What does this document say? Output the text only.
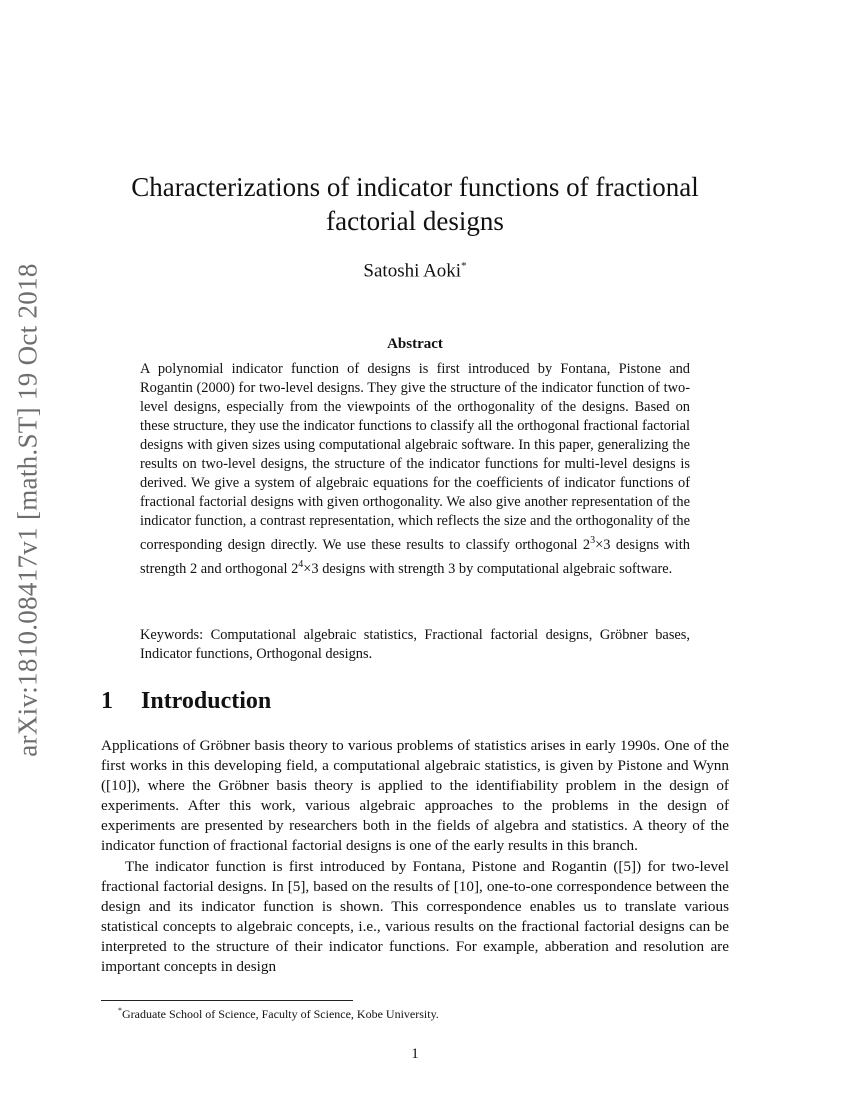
arXiv:1810.08417v1 [math.ST] 19 Oct 2018
Characterizations of indicator functions of fractional factorial designs
Satoshi Aoki*
Abstract

A polynomial indicator function of designs is first introduced by Fontana, Pistone and Rogantin (2000) for two-level designs. They give the structure of the indicator function of two-level designs, especially from the viewpoints of the orthogonality of the designs. Based on these structure, they use the indicator functions to classify all the orthogonal fractional factorial designs with given sizes using computational algebraic software. In this paper, generalizing the results on two-level designs, the structure of the indicator functions for multi-level designs is derived. We give a system of algebraic equations for the coefficients of indicator functions of fractional factorial designs with given orthogonality. We also give another representation of the indicator function, a contrast representation, which reflects the size and the orthogonality of the corresponding design directly. We use these results to classify orthogonal $2^3\times 3$ designs with strength 2 and orthogonal $2^4\times 3$ designs with strength 3 by computational algebraic software.

Keywords: Computational algebraic statistics, Fractional factorial designs, Gröbner bases, Indicator functions, Orthogonal designs.

1 Introduction

Applications of Gröbner basis theory to various problems of statistics arises in early 1990s. One of the first works in this developing field, a computational algebraic statistics, is given by Pistone and Wynn ([10]), where the Gröbner basis theory is applied to the identifiability problem in the design of experiments. After this work, various algebraic approaches to the problems in the design of experiments are presented by researchers both in the fields of algebra and statistics. A theory of the indicator function of fractional factorial designs is one of the early results in this branch.

The indicator function is first introduced by Fontana, Pistone and Rogantin ([5]) for two-level fractional factorial designs. In [5], based on the results of [10], one-to-one correspondence between the design and its indicator function is shown. This correspondence enables us to translate various statistical concepts to algebraic concepts, i.e., various results on the fractional factorial designs can be interpreted to the structure of their indicator functions. For example, abberation and resolution are important concepts in design

*Graduate School of Science, Faculty of Science, Kobe University.
1
